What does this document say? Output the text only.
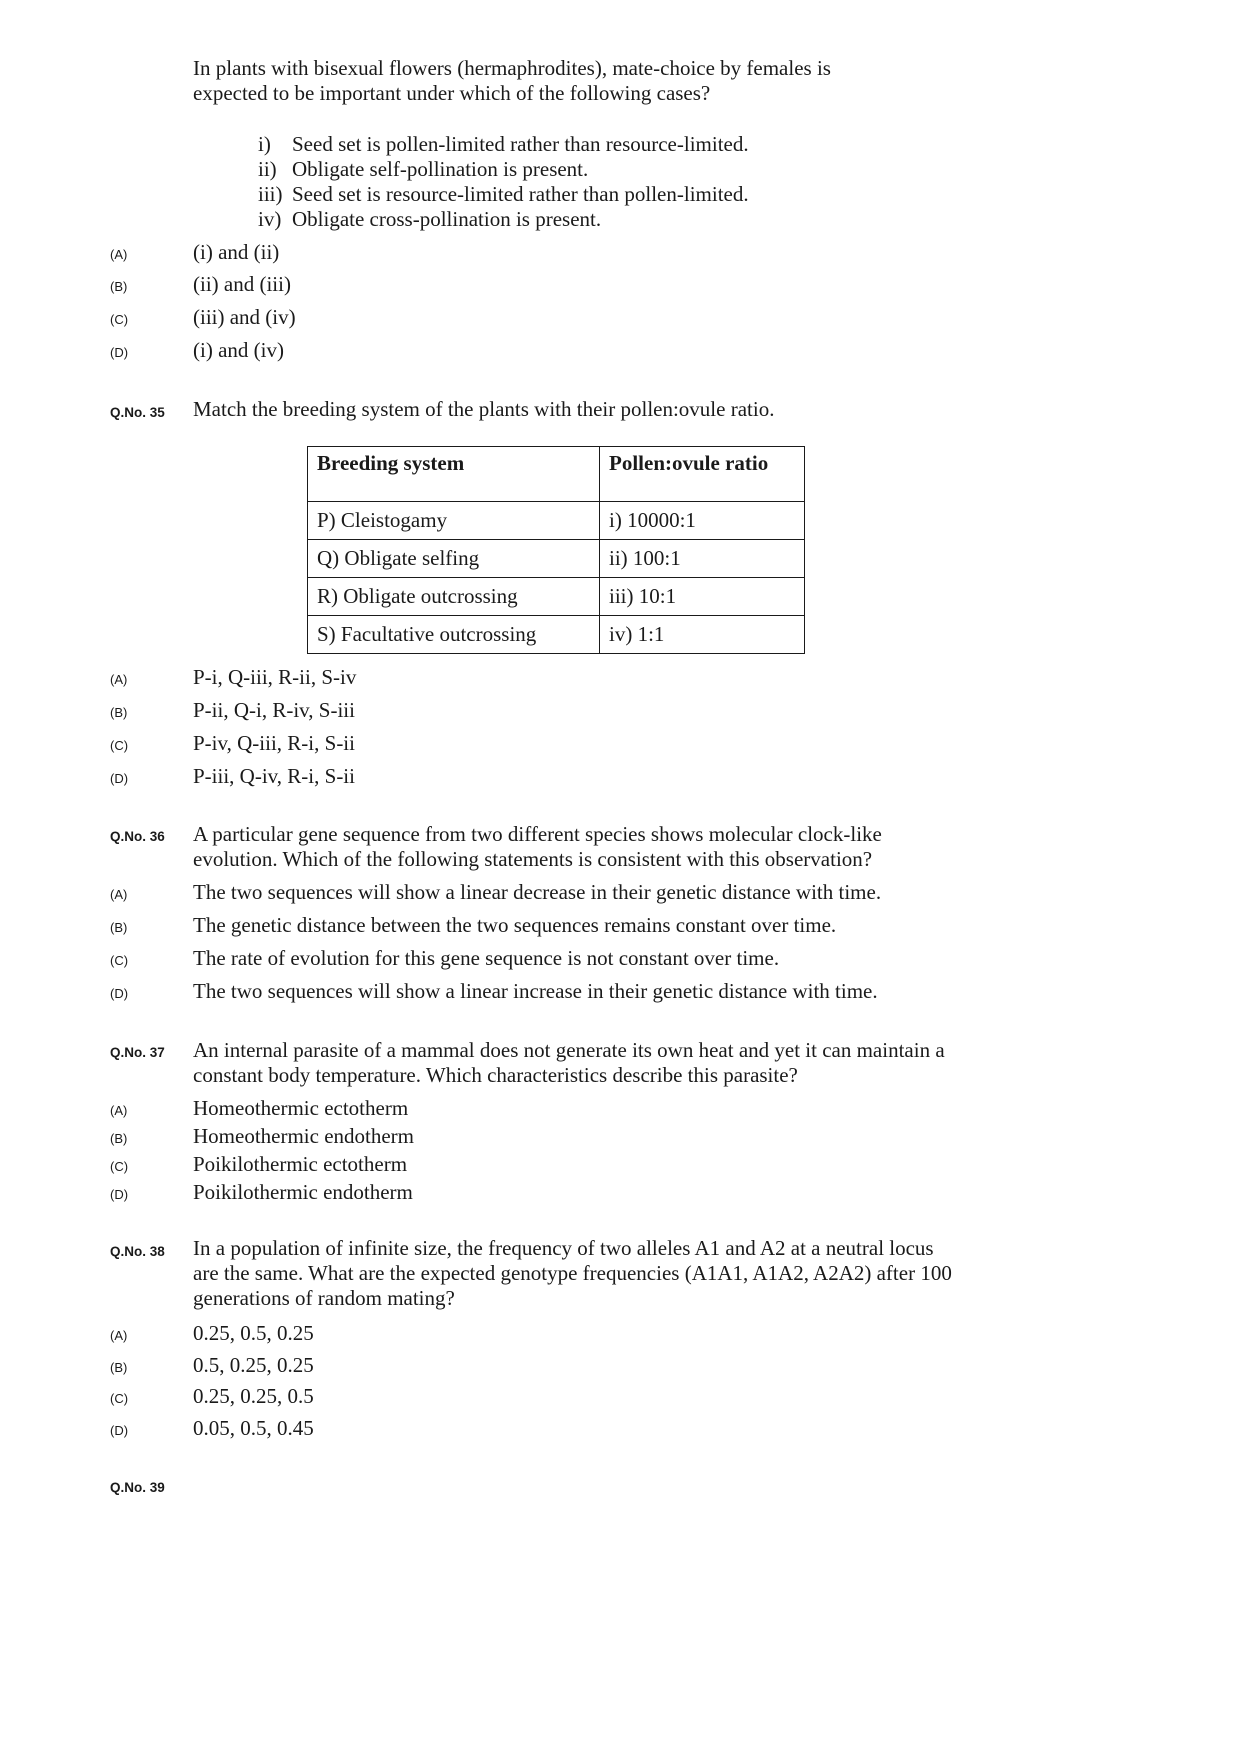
In plants with bisexual flowers (hermaphrodites), mate-choice by females is expected to be important under which of the following cases?
i) Seed set is pollen-limited rather than resource-limited.
ii) Obligate self-pollination is present.
iii) Seed set is resource-limited rather than pollen-limited.
iv) Obligate cross-pollination is present.
(A)	(i) and (ii)
(B)	(ii) and (iii)
(C)	(iii) and (iv)
(D)	(i) and (iv)
Q.No. 35 Match the breeding system of the plants with their pollen:ovule ratio.
Breeding system	Pollen:ovule ratio
P) Cleistogamy	i) 10000:1
Q) Obligate selfing	ii) 100:1
R) Obligate outcrossing	iii) 10:1
S) Facultative outcrossing	iv) 1:1
(A)	P-i, Q-iii, R-ii, S-iv
(B)	P-ii, Q-i, R-iv, S-iii
(C)	P-iv, Q-iii, R-i, S-ii
(D)	P-iii, Q-iv, R-i, S-ii
Q.No. 36 A particular gene sequence from two different species shows molecular clock-like evolution. Which of the following statements is consistent with this observation?
(A)	The two sequences will show a linear decrease in their genetic distance with time.
(B)	The genetic distance between the two sequences remains constant over time.
(C)	The rate of evolution for this gene sequence is not constant over time.
(D)	The two sequences will show a linear increase in their genetic distance with time.
Q.No. 37 An internal parasite of a mammal does not generate its own heat and yet it can maintain a constant body temperature. Which characteristics describe this parasite?
(A)	Homeothermic ectotherm
(B)	Homeothermic endotherm
(C)	Poikilothermic ectotherm
(D)	Poikilothermic endotherm
Q.No. 38 In a population of infinite size, the frequency of two alleles A1 and A2 at a neutral locus are the same. What are the expected genotype frequencies (A1A1, A1A2, A2A2) after 100 generations of random mating?
(A)	0.25, 0.5, 0.25
(B)	0.5, 0.25, 0.25
(C)	0.25, 0.25, 0.5
(D)	0.05, 0.5, 0.45
Q.No. 39
